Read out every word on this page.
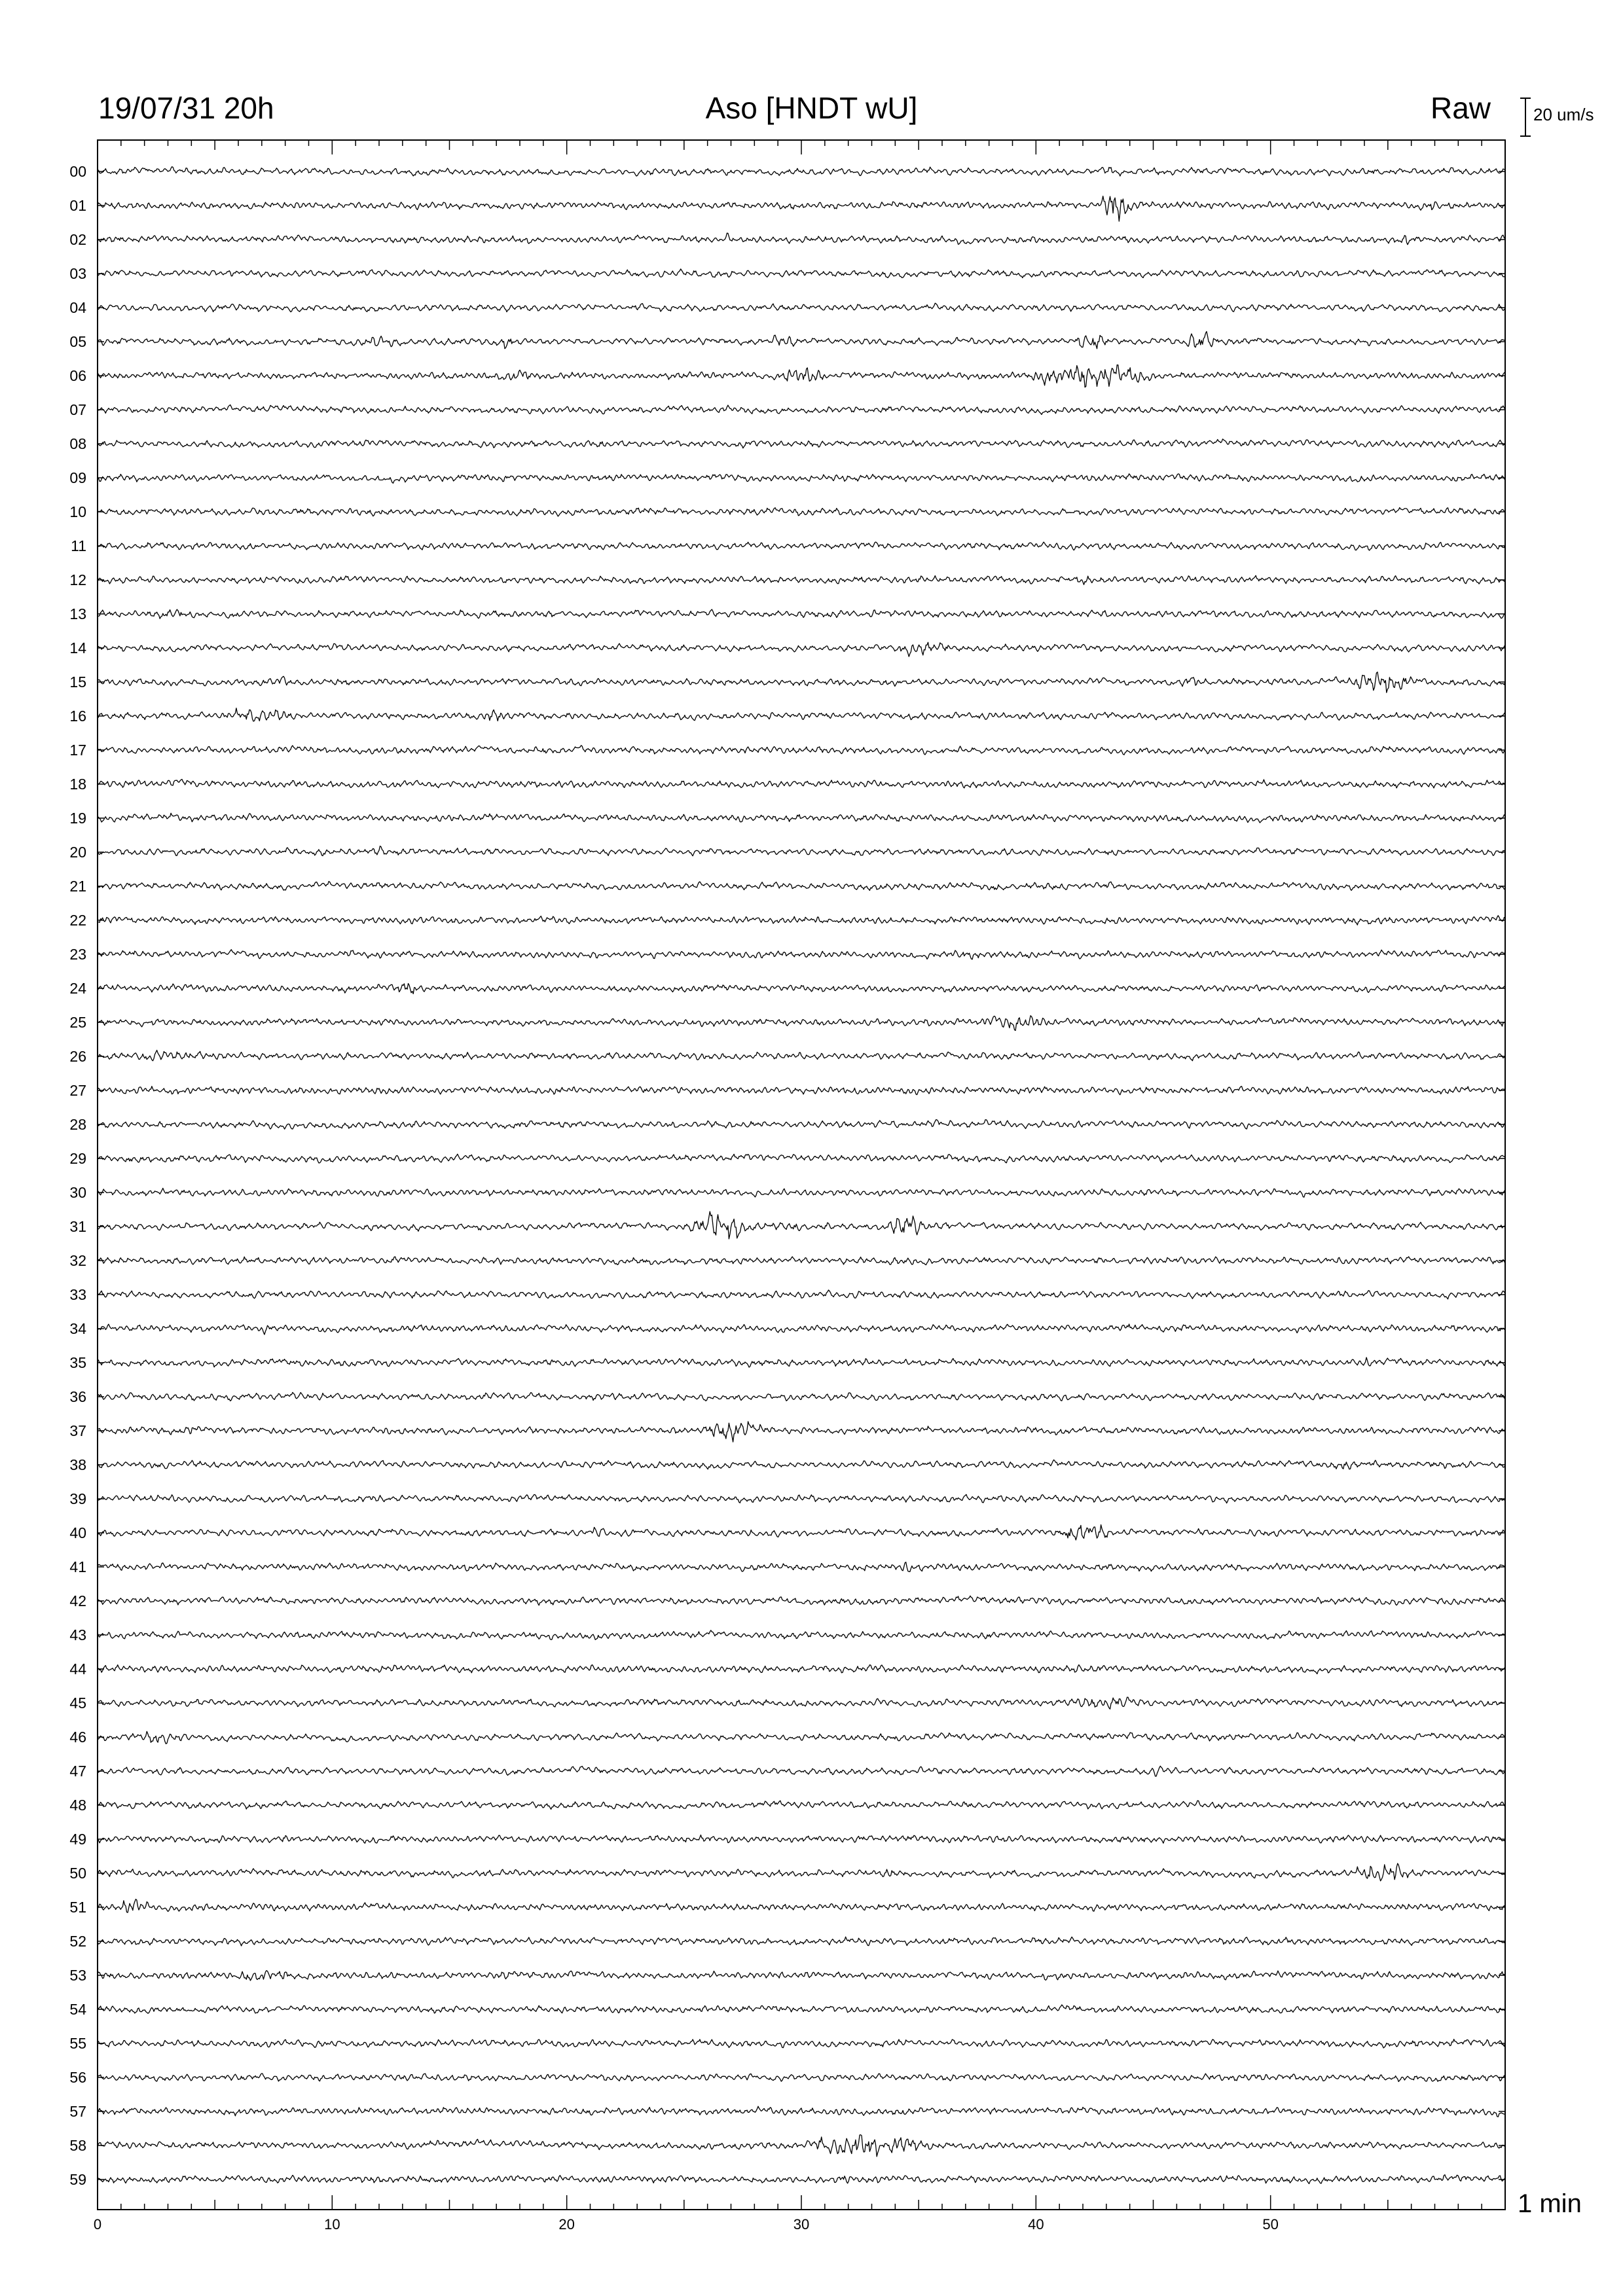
19/07/31 20h	Aso [HNDT wU]	Raw 20 um/s
1 min
0	10	20	30	40	50
00
01
02
03
04
05
06
07
08
09
10
11
12
13
14
15
16
17
18
19
20
21
22
23
24
25
26
27
28
29
30
31
32
33
34
35
36
37
38
39
40
41
42
43
44
45
46
47
48
49
50
51
52
53
54
55
56
57
58
59
